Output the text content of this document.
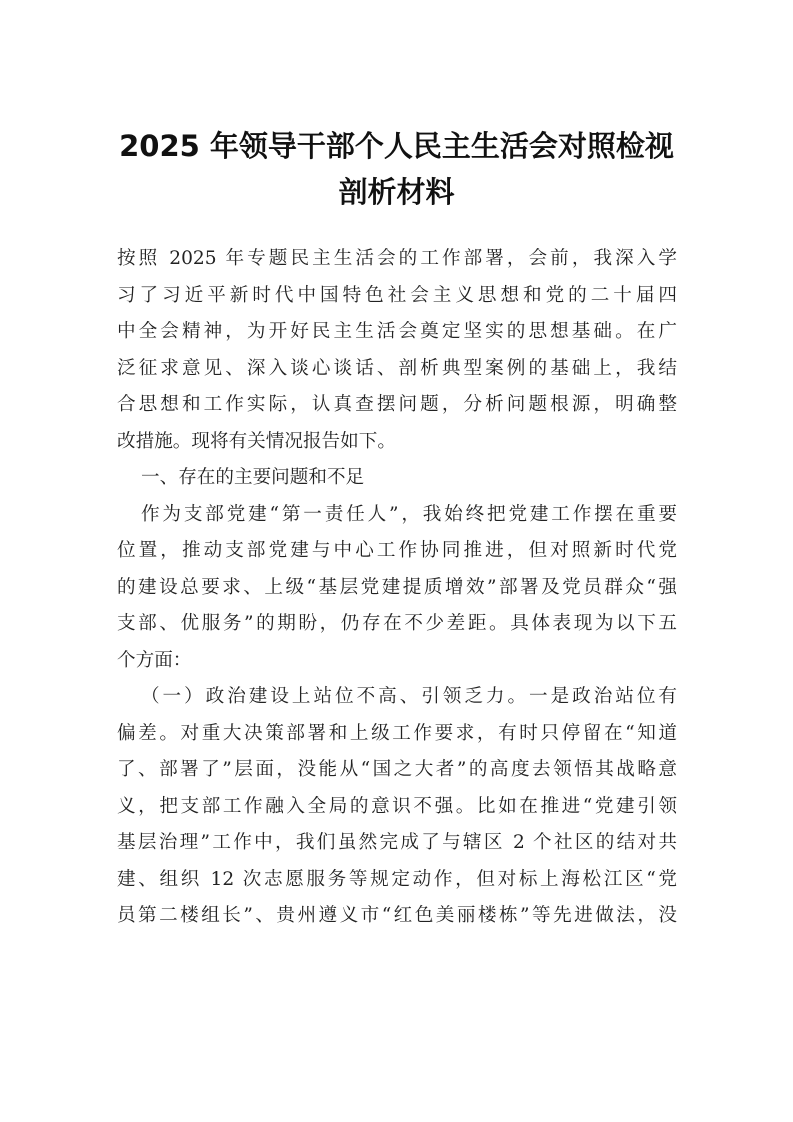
2025 年领导干部个人民主生活会对照检视
剖析材料
按照 2025 年专题民主生活会的工作部署，会前，我深入学
习了习近平新时代中国特色社会主义思想和党的二十届四
中全会精神，为开好民主生活会奠定坚实的思想基础。在广
泛征求意见、深入谈心谈话、剖析典型案例的基础上，我结
合思想和工作实际，认真查摆问题，分析问题根源，明确整
改措施。现将有关情况报告如下。
一、存在的主要问题和不足
作为支部党建“第一责任人”，我始终把党建工作摆在重要
位置，推动支部党建与中心工作协同推进，但对照新时代党
的建设总要求、上级“基层党建提质增效”部署及党员群众“强
支部、优服务”的期盼，仍存在不少差距。具体表现为以下五
个方面：
（一）政治建设上站位不高、引领乏力。一是政治站位有
偏差。对重大决策部署和上级工作要求，有时只停留在“知道
了、部署了”层面，没能从“国之大者”的高度去领悟其战略意
义，把支部工作融入全局的意识不强。比如在推进“党建引领
基层治理”工作中，我们虽然完成了与辖区 2 个社区的结对共
建、组织 12 次志愿服务等规定动作，但对标上海松江区“党
员第二楼组长”、贵州遵义市“红色美丽楼栋”等先进做法，没
